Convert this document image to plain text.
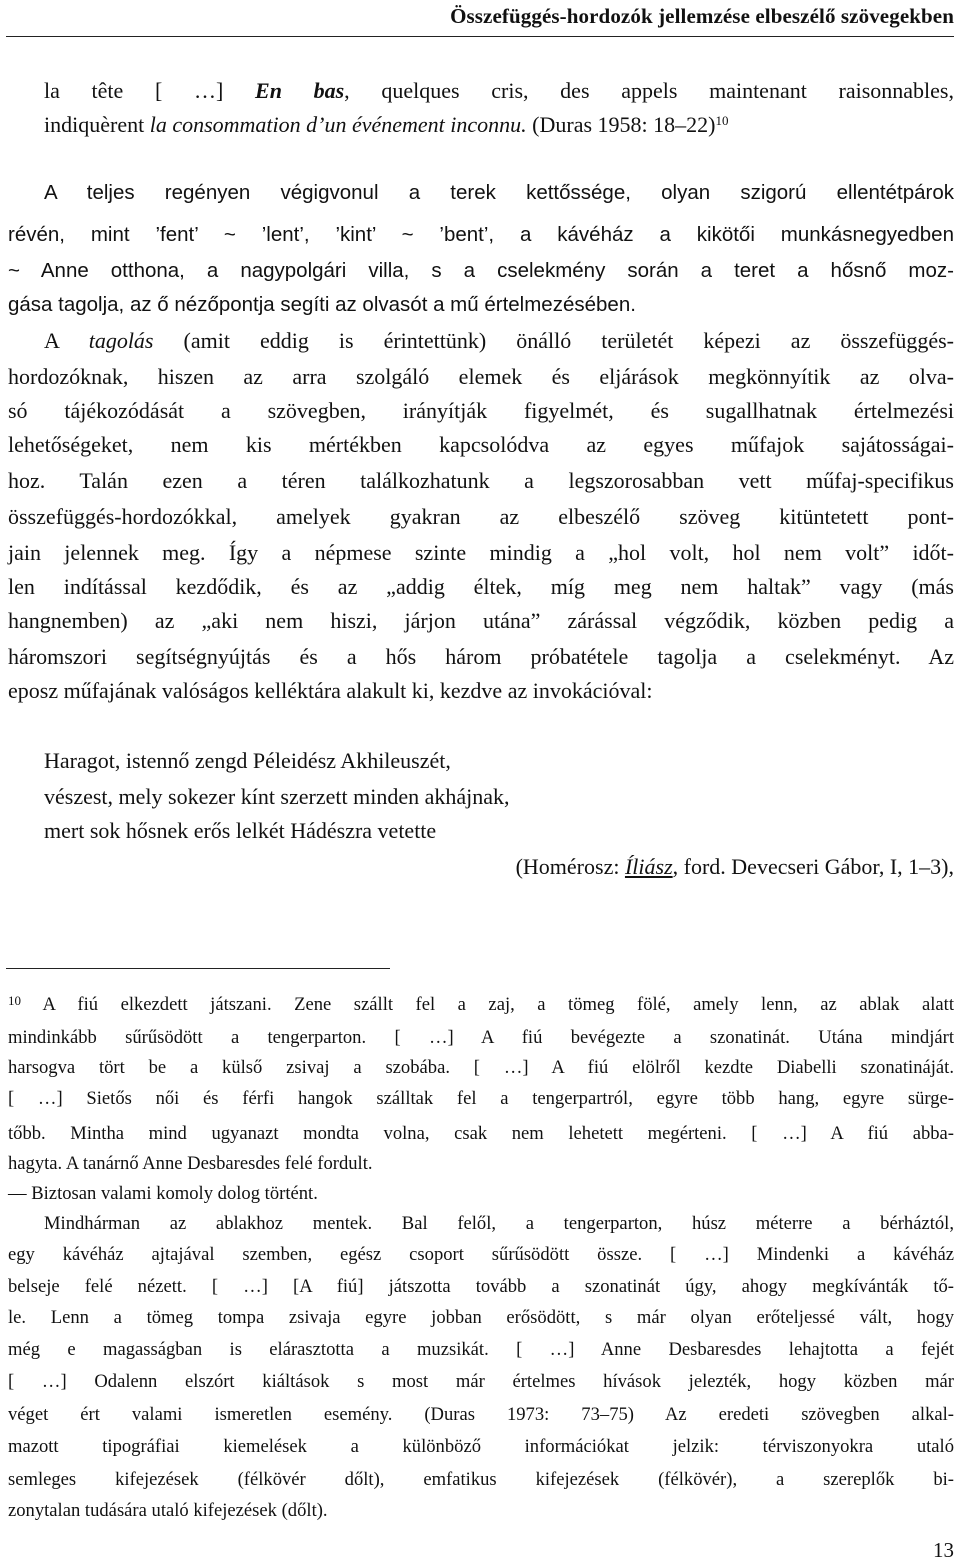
Összefüggés-hordozók jellemzése elbeszélő szövegekben
la tête [ …] En bas, quelques cris, des appels maintenant raisonnables,
indiquèrent la consommation d’un événement inconnu. (Duras 1958: 18–22)$^{10}$
A teljes regényen végigvonul a terek kettőssége, olyan szigorú ellentétpárok
révén, mint ’fent’ ~ ’lent’, ’kint’ ~ ’bent’, a kávéház a kikötői munkásnegyedben
~ Anne otthona, a nagypolgári villa, s a cselekmény során a teret a hősnő moz-
gása tagolja, az ő nézőpontja segíti az olvasót a mű értelmezésében.
A tagolás (amit eddig is érintettünk) önálló területét képezi az összefüggés-
hordozóknak, hiszen az arra szolgáló elemek és eljárások megkönnyítik az olva-
só tájékozódását a szövegben, irányítják figyelmét, és sugallhatnak értelmezési
lehetőségeket, nem kis mértékben kapcsolódva az egyes műfajok sajátosságai-
hoz. Talán ezen a téren találkozhatunk a legszorosabban vett műfaj-specifikus
összefüggés-hordozókkal, amelyek gyakran az elbeszélő szöveg kitüntetett pont-
jain jelennek meg. Így a népmese szinte mindig a „hol volt, hol nem volt” időt-
len indítással kezdődik, és az „addig éltek, míg meg nem haltak” vagy (más
hangnemben) az „aki nem hiszi, járjon utána” zárással végződik, közben pedig a
háromszori segítségnyújtás és a hős három próbatétele tagolja a cselekményt. Az
eposz műfajának valóságos kelléktára alakult ki, kezdve az invokációval:
Haragot, istennő zengd Péleidész Akhileuszét,
vészest, mely sokezer kínt szerzett minden akhájnak,
mert sok hősnek erős lelkét Hádészra vetette
(Homérosz: Íliász, ford. Devecseri Gábor, I, 1–3),
$^{10}$ A fiú elkezdett játszani. Zene szállt fel a zaj, a tömeg fölé, amely lenn, az ablak alatt
mindinkább sűrűsödött a tengerparton. [ …] A fiú bevégezte a szonatinát. Utána mindjárt
harsogva tört be a külső zsivaj a szobába. [ …] A fiú elölről kezdte Diabelli szonatináját.
[ …] Sietős női és férfi hangok szálltak fel a tengerpartról, egyre több hang, egyre sürge-
tőbb. Mintha mind ugyanazt mondta volna, csak nem lehetett megérteni. [ …] A fiú abba-
hagyta. A tanárnő Anne Desbaresdes felé fordult.
— Biztosan valami komoly dolog történt.
Mindhárman az ablakhoz mentek. Bal felől, a tengerparton, húsz méterre a bérháztól,
egy kávéház ajtajával szemben, egész csoport sűrűsödött össze. [ …] Mindenki a kávéház
belseje felé nézett. [ …] [A fiú] játszotta tovább a szonatinát úgy, ahogy megkívánták tő-
le. Lenn a tömeg tompa zsivaja egyre jobban erősödött, s már olyan erőteljessé vált, hogy
még e magasságban is elárasztotta a muzsikát. [ …] Anne Desbaresdes lehajtotta a fejét
[ …] Odalenn elszórt kiáltások s most már értelmes hívások jelezték, hogy közben már
véget ért valami ismeretlen esemény. (Duras 1973: 73–75) Az eredeti szövegben alkal-
mazott tipográfiai kiemelések a különböző információkat jelzik: térviszonyokra utaló
semleges kifejezések (félkövér dőlt), emfatikus kifejezések (félkövér), a szereplők bi-
zonytalan tudására utaló kifejezések (dőlt).
13
